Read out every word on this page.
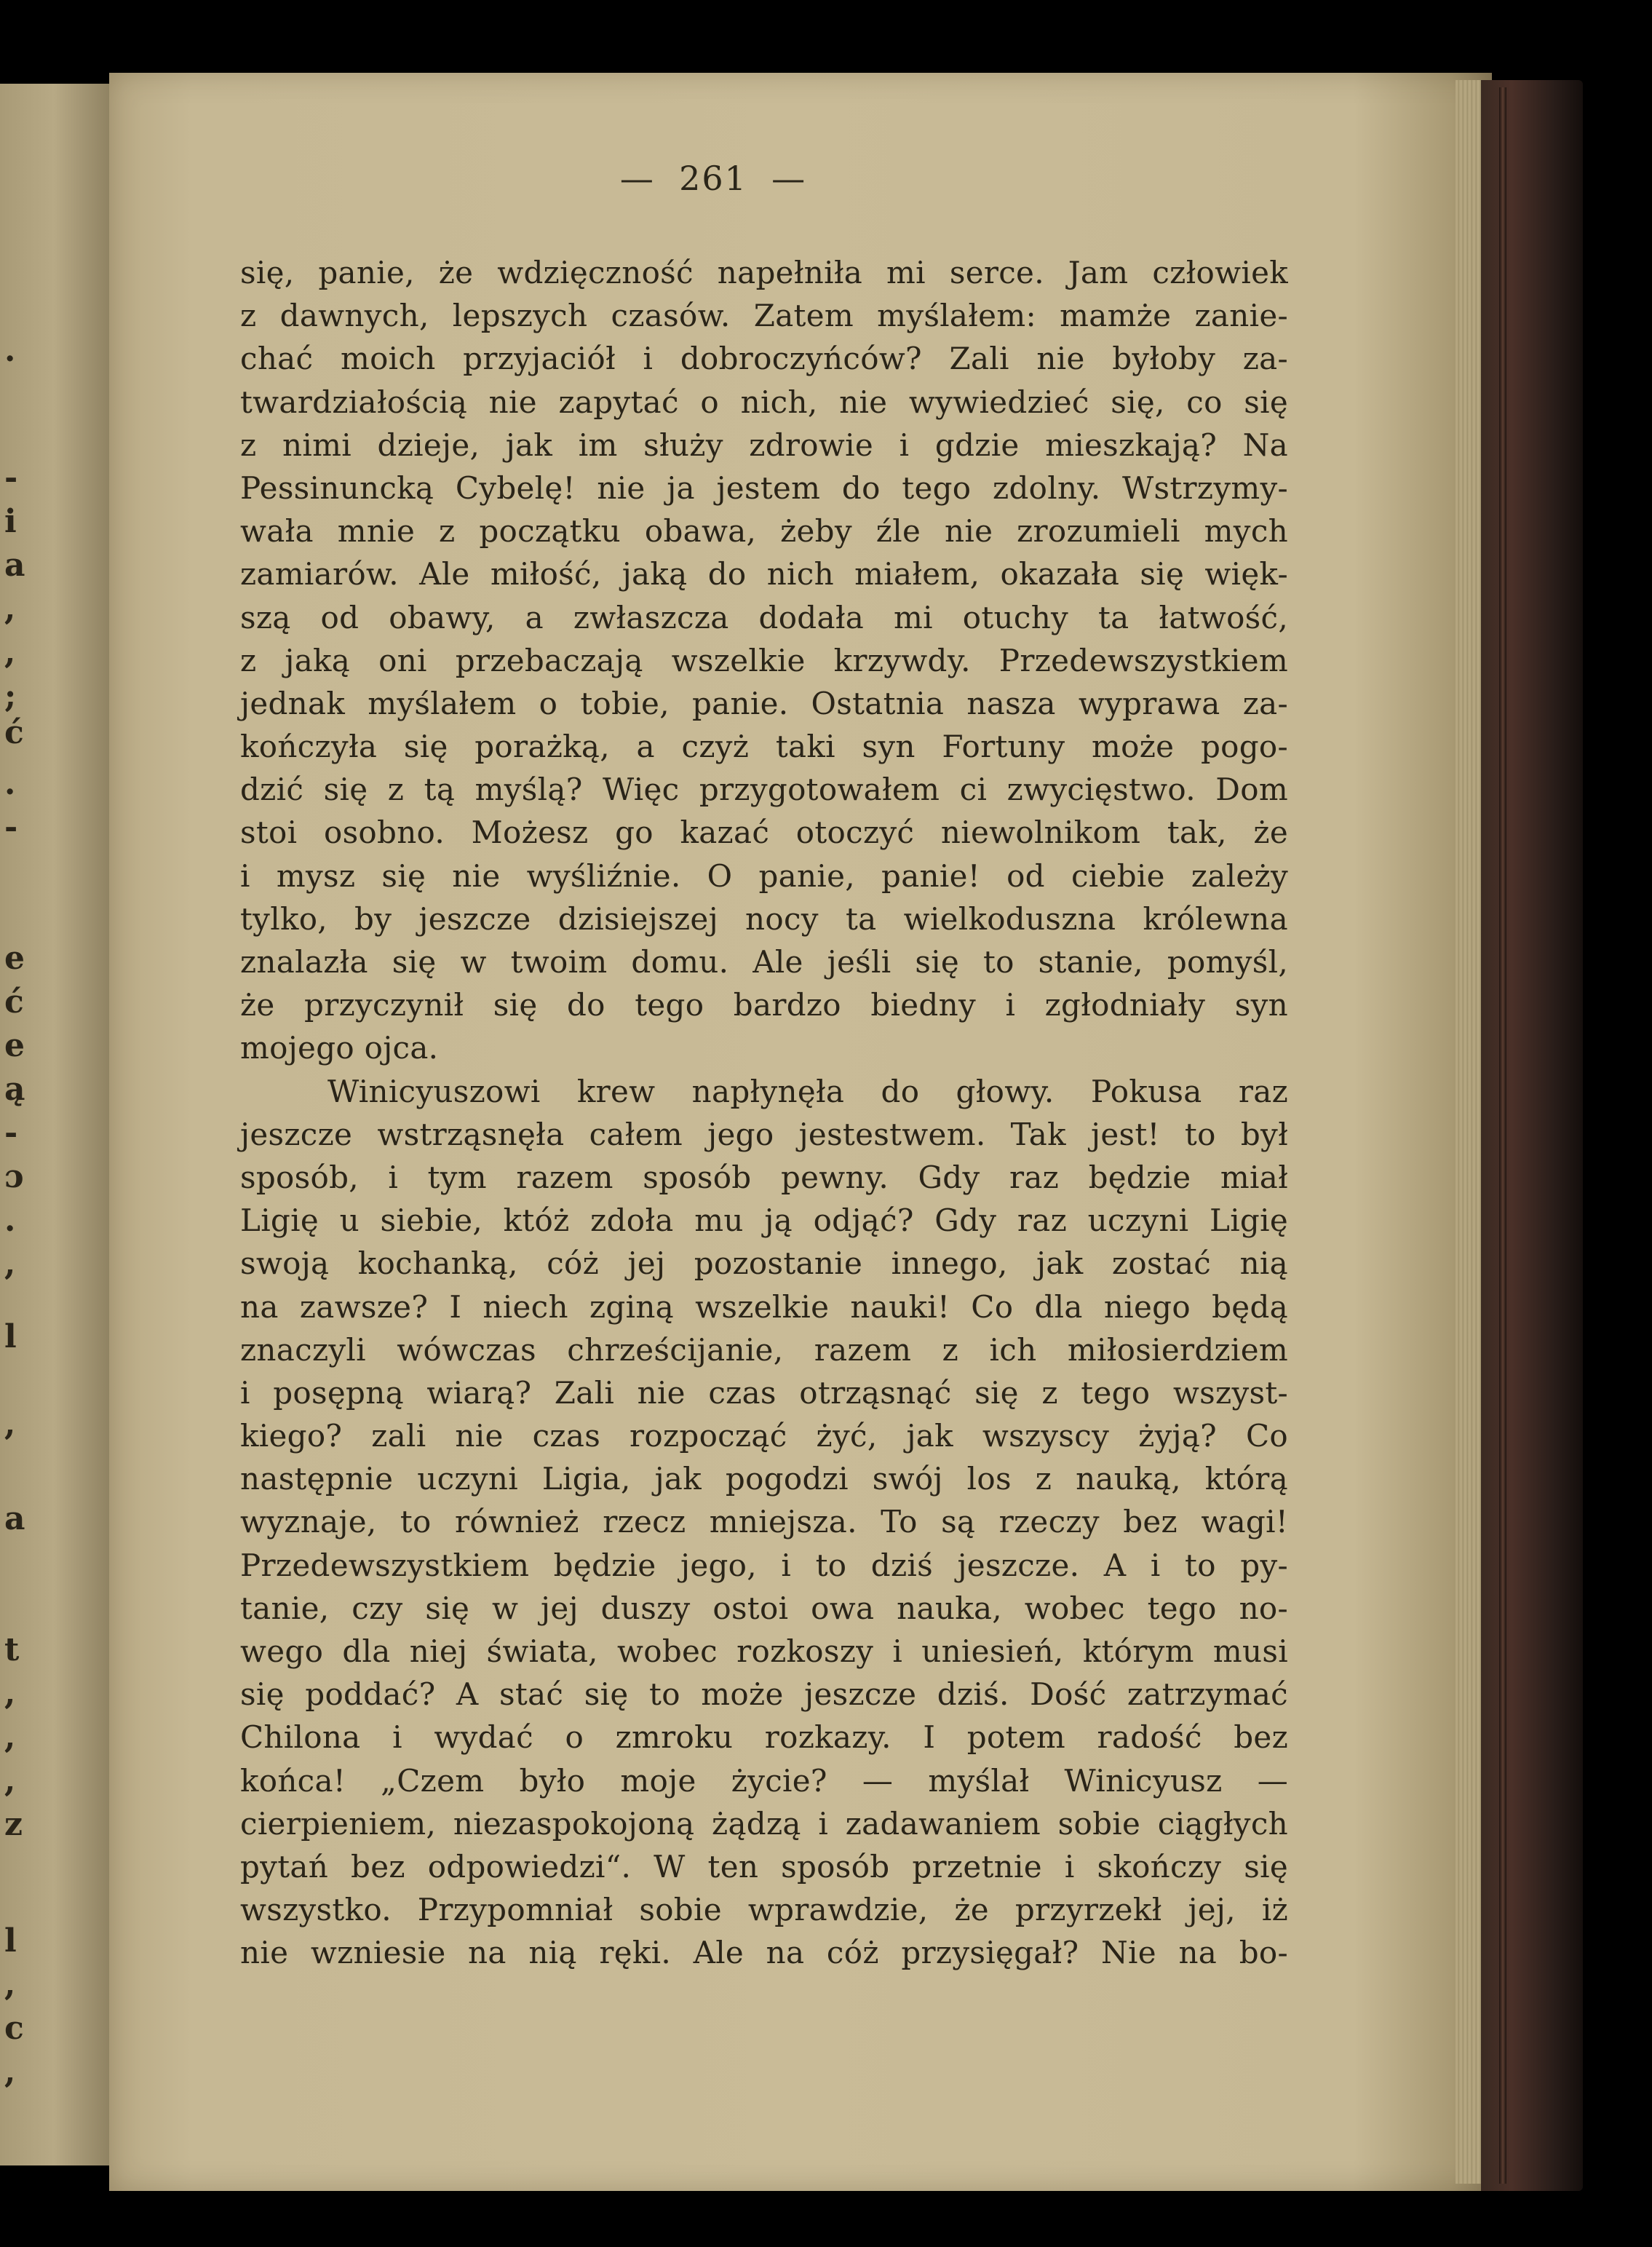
.
-
i
a
,
,
;
ć
.
-
e
ć
e
ą
-
ɔ
.
,
l
,
a
t
,
,
,
z
l
,
c
,
—  261  —
się, panie, że wdzięczność napełniła mi serce. Jam człowiek
z dawnych, lepszych czasów. Zatem myślałem: mamże zanie-
chać moich przyjaciół i dobroczyńców? Zali nie byłoby za-
twardziałością nie zapytać o nich, nie wywiedzieć się, co się
z nimi dzieje, jak im służy zdrowie i gdzie mieszkają? Na
Pessinuncką Cybelę! nie ja jestem do tego zdolny. Wstrzymy-
wała mnie z początku obawa, żeby źle nie zrozumieli mych
zamiarów. Ale miłość, jaką do nich miałem, okazała się więk-
szą od obawy, a zwłaszcza dodała mi otuchy ta łatwość,
z jaką oni przebaczają wszelkie krzywdy. Przedewszystkiem
jednak myślałem o tobie, panie. Ostatnia nasza wyprawa za-
kończyła się porażką, a czyż taki syn Fortuny może pogo-
dzić się z tą myślą? Więc przygotowałem ci zwycięstwo. Dom
stoi osobno. Możesz go kazać otoczyć niewolnikom tak, że
i mysz się nie wyśliźnie. O panie, panie! od ciebie zależy
tylko, by jeszcze dzisiejszej nocy ta wielkoduszna królewna
znalazła się w twoim domu. Ale jeśli się to stanie, pomyśl,
że przyczynił się do tego bardzo biedny i zgłodniały syn
mojego ojca.
Winicyuszowi krew napłynęła do głowy. Pokusa raz
jeszcze wstrząsnęła całem jego jestestwem. Tak jest! to był
sposób, i tym razem sposób pewny. Gdy raz będzie miał
Ligię u siebie, któż zdoła mu ją odjąć? Gdy raz uczyni Ligię
swoją kochanką, cóż jej pozostanie innego, jak zostać nią
na zawsze? I niech zginą wszelkie nauki! Co dla niego będą
znaczyli wówczas chrześcijanie, razem z ich miłosierdziem
i posępną wiarą? Zali nie czas otrząsnąć się z tego wszyst-
kiego? zali nie czas rozpocząć żyć, jak wszyscy żyją? Co
następnie uczyni Ligia, jak pogodzi swój los z nauką, którą
wyznaje, to również rzecz mniejsza. To są rzeczy bez wagi!
Przedewszystkiem będzie jego, i to dziś jeszcze. A i to py-
tanie, czy się w jej duszy ostoi owa nauka, wobec tego no-
wego dla niej świata, wobec rozkoszy i uniesień, którym musi
się poddać? A stać się to może jeszcze dziś. Dość zatrzymać
Chilona i wydać o zmroku rozkazy. I potem radość bez
końca! „Czem było moje życie? — myślał Winicyusz —
cierpieniem, niezaspokojoną żądzą i zadawaniem sobie ciągłych
pytań bez odpowiedzi“. W ten sposób przetnie i skończy się
wszystko. Przypomniał sobie wprawdzie, że przyrzekł jej, iż
nie wzniesie na nią ręki. Ale na cóż przysięgał? Nie na bo-
